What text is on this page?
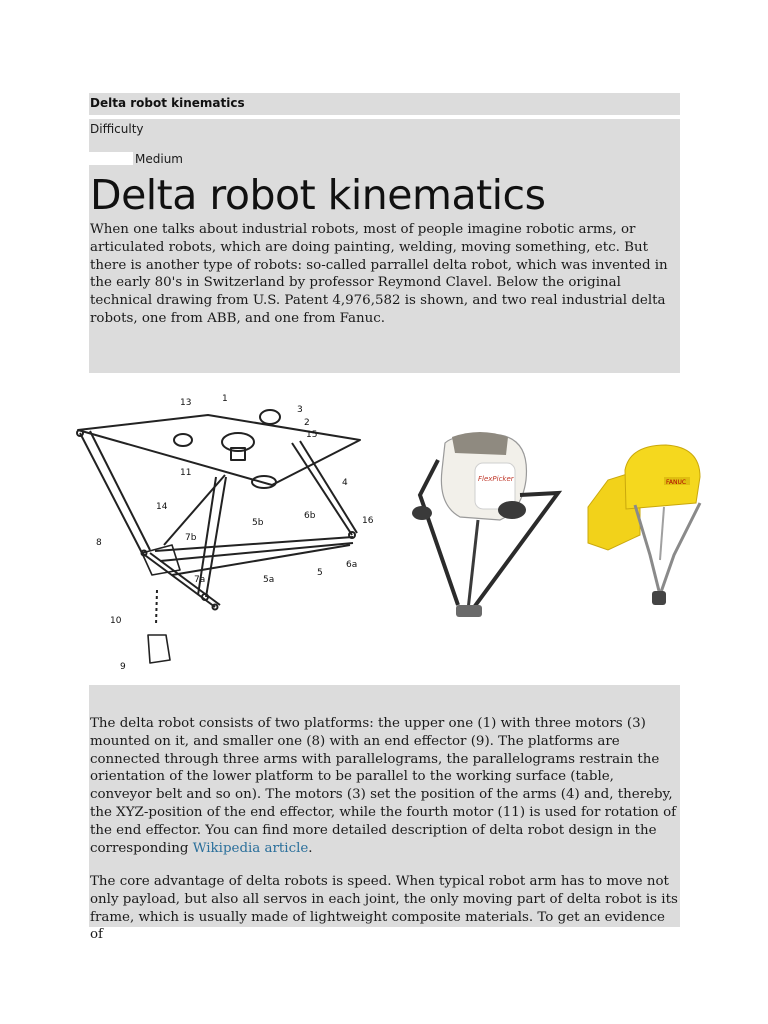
Delta robot kinematics
Difficulty
Medium
Delta robot kinematics
When one talks about industrial robots, most of people imagine robotic arms, or articulated robots, which are doing painting, welding, moving something, etc. But there is another type of robots: so-called parrallel delta robot, which was invented in the early 80's in Switzerland by professor Reymond Clavel. Below the original technical drawing from U.S. Patent 4,976,582 is shown, and two real industrial delta robots, one from ABB, and one from Fanuc.
13	1
3
2
15
11
4
14
5b
6b	16
7b
8
6a
7a	5a
5
10
9
FlexPicker	FANUC

The delta robot consists of two platforms: the upper one (1) with three motors (3) mounted on it, and smaller one (8) with an end effector (9). The platforms are connected through three arms with parallelograms, the parallelograms restrain the orientation of the lower platform to be parallel to the working surface (table, conveyor belt and so on). The motors (3) set the position of the arms (4) and, thereby, the XYZ-position of the end effector, while the fourth motor (11) is used for rotation of the end effector. You can find more detailed description of delta robot design in the corresponding Wikipedia article.

The core advantage of delta robots is speed. When typical robot arm has to move not only payload, but also all servos in each joint, the only moving part of delta robot is its frame, which is usually made of lightweight composite materials. To get an evidence of
